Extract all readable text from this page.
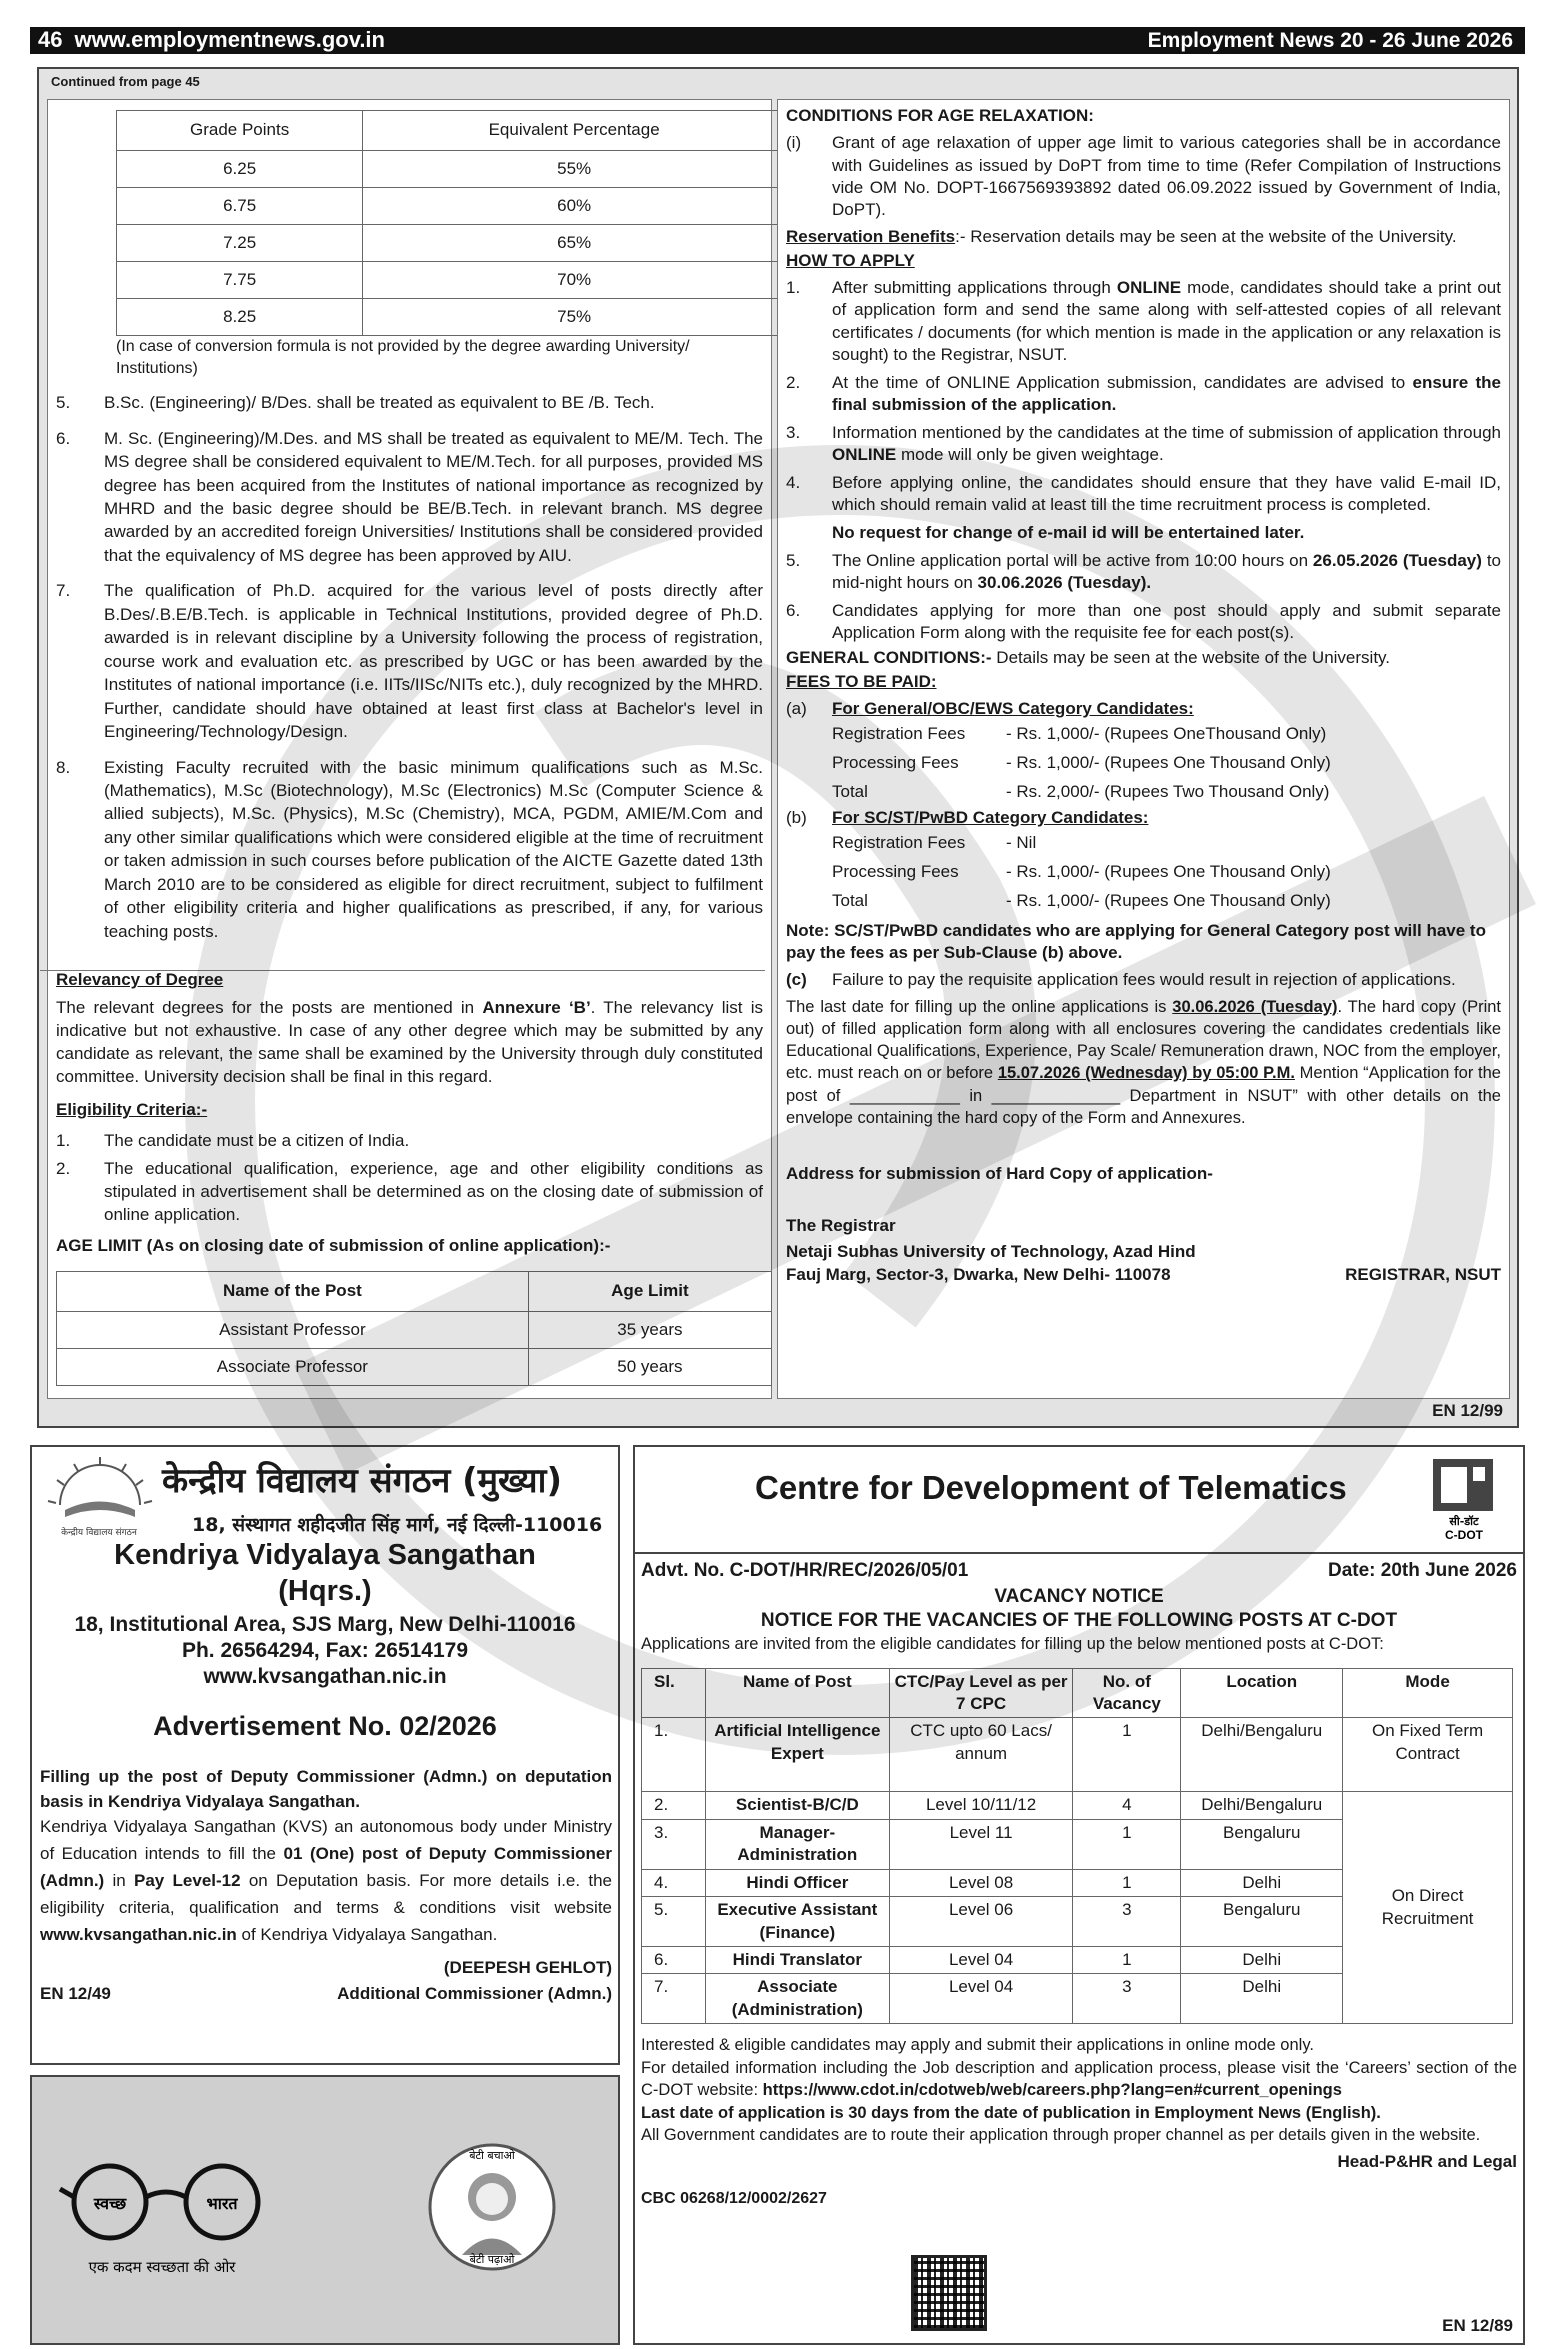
46 www.employmentnews.gov.in	Employment News 20 - 26 June 2026
Continued from page 45
Grade Points	Equivalent Percentage
6.25	55%
6.75	60%
7.25	65%
7.75	70%
8.25	75%
(In case of conversion formula is not provided by the degree awarding University/ Institutions)
5.	B.Sc. (Engineering)/ B/Des. shall be treated as equivalent to BE /B. Tech.
6.	M. Sc. (Engineering)/M.Des. and MS shall be treated as equivalent to ME/M. Tech. The MS degree shall be considered equivalent to ME/M.Tech. for all purposes, provided MS degree has been acquired from the Institutes of national importance as recognized by MHRD and the basic degree should be BE/B.Tech. in relevant branch. MS degree awarded by an accredited foreign Universities/ Institutions shall be considered provided that the equivalency of MS degree has been approved by AIU.
7.	The qualification of Ph.D. acquired for the various level of posts directly after B.Des/.B.E/B.Tech. is applicable in Technical Institutions, provided degree of Ph.D. awarded is in relevant discipline by a University following the process of registration, course work and evaluation etc. as prescribed by UGC or has been awarded by the Institutes of national importance (i.e. IITs/IISc/NITs etc.), duly recognized by the MHRD. Further, candidate should have obtained at least first class at Bachelor's level in Engineering/Technology/Design.
8.	Existing Faculty recruited with the basic minimum qualifications such as M.Sc. (Mathematics), M.Sc (Biotechnology), M.Sc (Electronics) M.Sc (Computer Science & allied subjects), M.Sc. (Physics), M.Sc (Chemistry), MCA, PGDM, AMIE/M.Com and any other similar qualifications which were considered eligible at the time of recruitment or taken admission in such courses before publication of the AICTE Gazette dated 13th March 2010 are to be considered as eligible for direct recruitment, subject to fulfilment of other eligibility criteria and higher qualifications as prescribed, if any, for various teaching posts.
Relevancy of Degree
The relevant degrees for the posts are mentioned in Annexure ‘B’. The relevancy list is indicative but not exhaustive. In case of any other degree which may be submitted by any candidate as relevant, the same shall be examined by the University through duly constituted committee. University decision shall be final in this regard.
Eligibility Criteria:-
1.	The candidate must be a citizen of India.
2.	The educational qualification, experience, age and other eligibility conditions as stipulated in advertisement shall be determined as on the closing date of submission of online application.
AGE LIMIT (As on closing date of submission of online application):-
Name of the Post	Age Limit
Assistant Professor	35 years
Associate Professor	50 years
CONDITIONS FOR AGE RELAXATION:
(i)	Grant of age relaxation of upper age limit to various categories shall be in accordance with Guidelines as issued by DoPT from time to time (Refer Compilation of Instructions vide OM No. DOPT-1667569393892 dated 06.09.2022 issued by Government of India, DoPT).
Reservation Benefits:- Reservation details may be seen at the website of the University.
HOW TO APPLY
1.	After submitting applications through ONLINE mode, candidates should take a print out of application form and send the same along with self-attested copies of all relevant certificates / documents (for which mention is made in the application or any relaxation is sought) to the Registrar, NSUT.
2.	At the time of ONLINE Application submission, candidates are advised to ensure the final submission of the application.
3.	Information mentioned by the candidates at the time of submission of application through ONLINE mode will only be given weightage.
4.	Before applying online, the candidates should ensure that they have valid E-mail ID, which should remain valid at least till the time recruitment process is completed.

No request for change of e-mail id will be entertained later.
5.	The Online application portal will be active from 10:00 hours on 26.05.2026 (Tuesday) to mid-night hours on 30.06.2026 (Tuesday).
6.	Candidates applying for more than one post should apply and submit separate Application Form along with the requisite fee for each post(s).
GENERAL CONDITIONS:- Details may be seen at the website of the University.
FEES TO BE PAID:
(a)	For General/OBC/EWS Category Candidates:
Registration Fees	- Rs. 1,000/- (Rupees OneThousand Only)
Processing Fees	- Rs. 1,000/- (Rupees One Thousand Only)
Total	- Rs. 2,000/- (Rupees Two Thousand Only)
(b)	For SC/ST/PwBD Category Candidates:
Registration Fees	- Nil
Processing Fees	- Rs. 1,000/- (Rupees One Thousand Only)
Total	- Rs. 1,000/- (Rupees One Thousand Only)
Note: SC/ST/PwBD candidates who are applying for General Category post will have to pay the fees as per Sub-Clause (b) above.
(c)	Failure to pay the requisite application fees would result in rejection of applications.
The last date for filling up the online applications is 30.06.2026 (Tuesday). The hard copy (Print out) of filled application form along with all enclosures covering the candidates credentials like Educational Qualifications, Experience, Pay Scale/ Remuneration drawn, NOC from the employer, etc. must reach on or before 15.07.2026 (Wednesday) by 05:00 P.M. Mention “Application for the post of ____________ in ______________ Department in NSUT” with other details on the envelope containing the hard copy of the Form and Annexures.
Address for submission of Hard Copy of application-
The Registrar
Netaji Subhas University of Technology, Azad Hind
Fauj Marg, Sector-3, Dwarka, New Delhi- 110078	REGISTRAR, NSUT
EN 12/99
केन्द्रीय विद्यालय संगठन
केन्द्रीय विद्यालय संगठन (मुख्या)
18, संस्थागत शहीदजीत सिंह मार्ग, नई दिल्ली-110016
Kendriya Vidyalaya Sangathan
(Hqrs.)
18, Institutional Area, SJS Marg, New Delhi-110016
Ph. 26564294, Fax: 26514179
www.kvsangathan.nic.in
Advertisement No. 02/2026
Filling up the post of Deputy Commissioner (Admn.) on deputation basis in Kendriya Vidyalaya Sangathan.
Kendriya Vidyalaya Sangathan (KVS) an autonomous body under Ministry of Education intends to fill the 01 (One) post of Deputy Commissioner (Admn.) in Pay Level-12 on Deputation basis. For more details i.e. the eligibility criteria, qualification and terms & conditions visit website www.kvsangathan.nic.in of Kendriya Vidyalaya Sangathan.
(DEEPESH GEHLOT)
EN 12/49	Additional Commissioner (Admn.)
स्वच्छ	भारत
एक कदम स्वच्छता की ओर
बेटी बचाओ
बेटी पढ़ाओ
Centre for Development of Telematics
सी-डॉट
C-DOT
Advt. No. C-DOT/HR/REC/2026/05/01	Date: 20th June 2026
VACANCY NOTICE
NOTICE FOR THE VACANCIES OF THE FOLLOWING POSTS AT C-DOT
Applications are invited from the eligible candidates for filling up the below mentioned posts at C-DOT:
Sl.	Name of Post	CTC/Pay Level as per 7 CPC	No. of Vacancy	Location	Mode
1.	Artificial Intelligence Expert	CTC upto 60 Lacs/ annum	1	Delhi/Bengaluru	On Fixed Term Contract
2.	Scientist-B/C/D	Level 10/11/12	4	Delhi/Bengaluru	On Direct Recruitment
3.	Manager-Administration	Level 11	1	Bengaluru	
4.	Hindi Officer	Level 08	1	Delhi	
5.	Executive Assistant (Finance)	Level 06	3	Bengaluru	
6.	Hindi Translator	Level 04	1	Delhi	
7.	Associate (Administration)	Level 04	3	Delhi	
Interested & eligible candidates may apply and submit their applications in online mode only.
For detailed information including the Job description and application process, please visit the ‘Careers’ section of the C-DOT website: https://www.cdot.in/cdotweb/web/careers.php?lang=en#current_openings
Last date of application is 30 days from the date of publication in Employment News (English).
All Government candidates are to route their application through proper channel as per details given in the website.
Head-P&HR and Legal
CBC 06268/12/0002/2627
EN 12/89
